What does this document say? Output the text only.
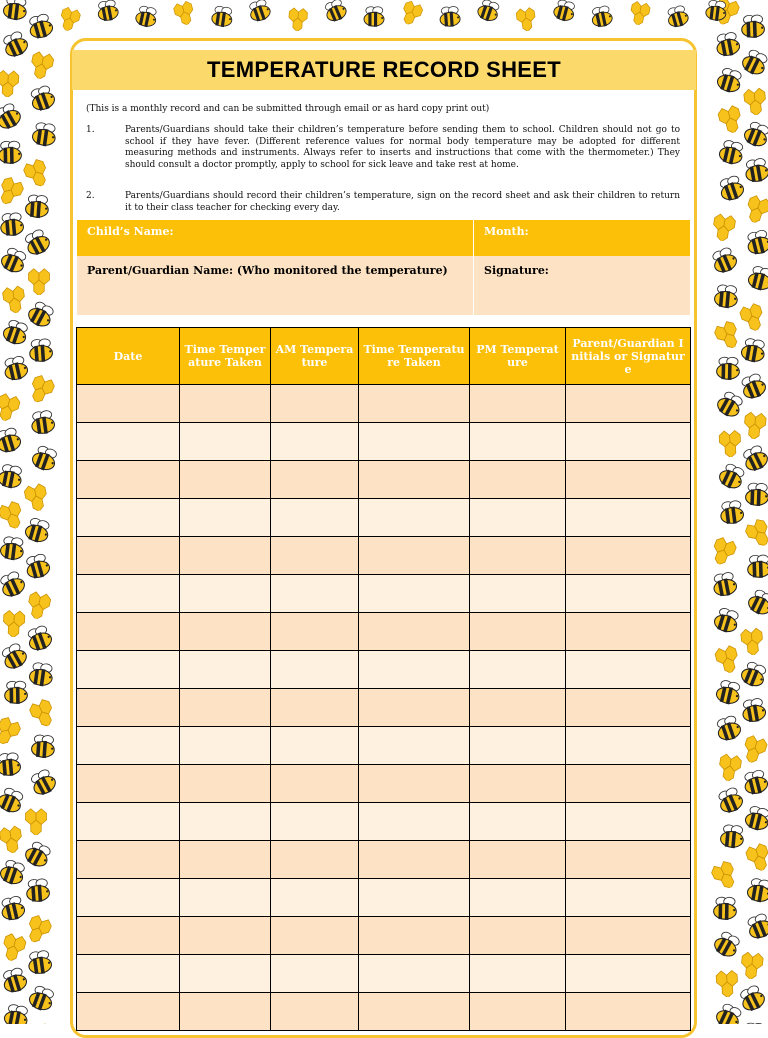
TEMPERATURE RECORD SHEET
(This is a monthly record and can be submitted through email or as hard copy print out)
1.	Parents/Guardians should take their children’s temperature before sending them to school. Children should not go to school if they have fever. (Different reference values for normal body temperature may be adopted for different measuring methods and instruments. Always refer to inserts and instructions that come with the thermometer.) They should consult a doctor promptly, apply to school for sick leave and take rest at home.
2.	Parents/Guardians should record their children’s temperature, sign on the record sheet and ask their children to return it to their class teacher for checking every day.
Child’s Name:	Month:
Parent/Guardian Name: (Who monitored the temperature)	Signature:
Date	Time Temperature Taken	AM Temperature	Time Temperature Taken	PM Temperature	Parent/Guardian Initials or Signature
